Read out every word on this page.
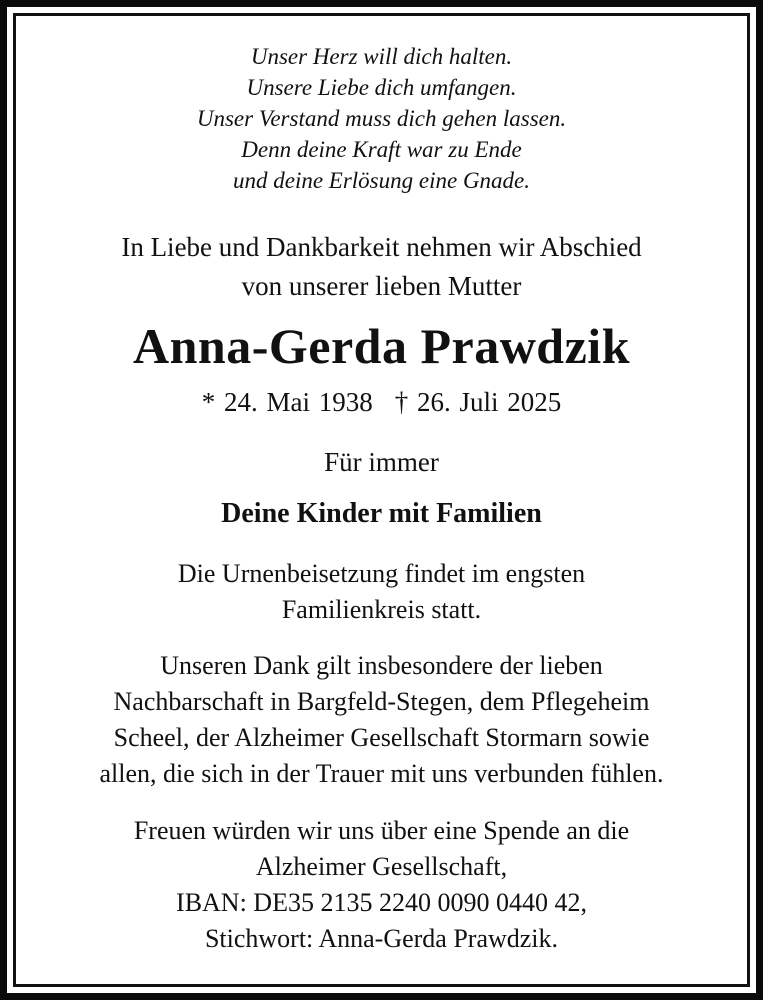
Unser Herz will dich halten.
Unsere Liebe dich umfangen.
Unser Verstand muss dich gehen lassen.
Denn deine Kraft war zu Ende
und deine Erlösung eine Gnade.
In Liebe und Dankbarkeit nehmen wir Abschied
von unserer lieben Mutter
Anna-Gerda Prawdzik
* 24. Mai 1938 † 26. Juli 2025
Für immer
Deine Kinder mit Familien
Die Urnenbeisetzung findet im engsten
Familienkreis statt.
Unseren Dank gilt insbesondere der lieben
Nachbarschaft in Bargfeld-Stegen, dem Pflegeheim
Scheel, der Alzheimer Gesellschaft Stormarn sowie
allen, die sich in der Trauer mit uns verbunden fühlen.
Freuen würden wir uns über eine Spende an die
Alzheimer Gesellschaft,
IBAN: DE35 2135 2240 0090 0440 42,
Stichwort: Anna-Gerda Prawdzik.
